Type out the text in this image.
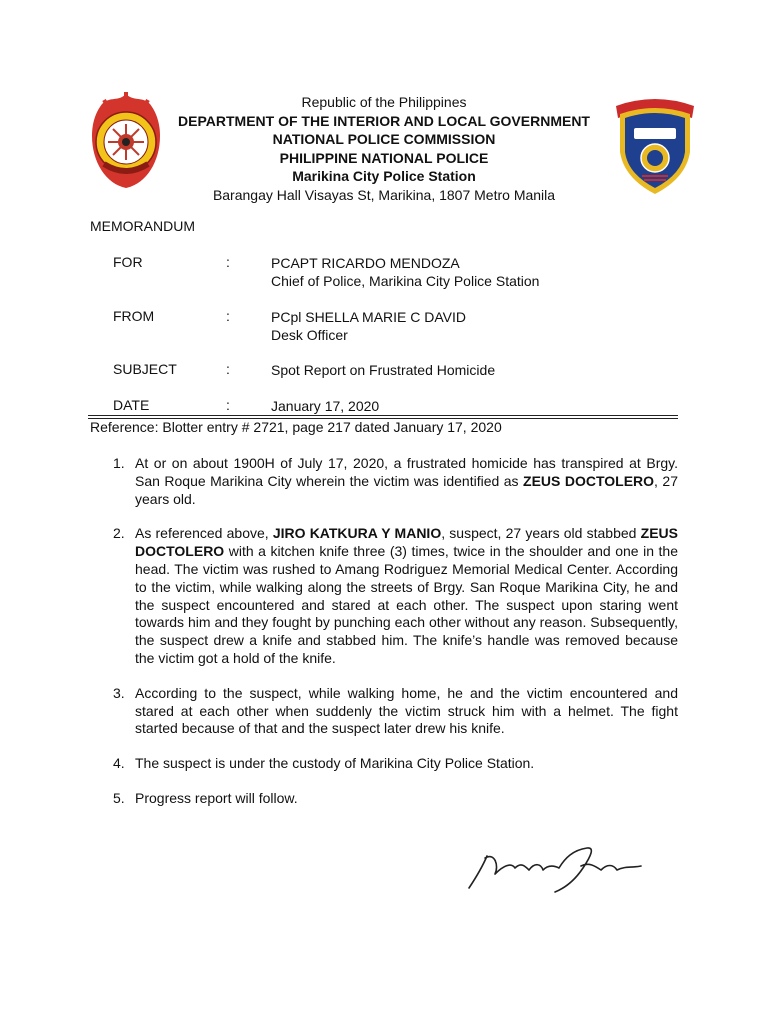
Republic of the Philippines
DEPARTMENT OF THE INTERIOR AND LOCAL GOVERNMENT
NATIONAL POLICE COMMISSION
PHILIPPINE NATIONAL POLICE
Marikina City Police Station
Barangay Hall Visayas St, Marikina, 1807 Metro Manila
MEMORANDUM
FOR	:	PCAPT RICARDO MENDOZA
Chief of Police, Marikina City Police Station
FROM	:	PCpl SHELLA MARIE C DAVID
Desk Officer
SUBJECT	:	Spot Report on Frustrated Homicide
DATE	:	January 17, 2020
Reference: Blotter entry # 2721, page 217 dated January 17, 2020
1. At or on about 1900H of July 17, 2020, a frustrated homicide has transpired at Brgy. San Roque Marikina City wherein the victim was identified as ZEUS DOCTOLERO, 27 years old.
2. As referenced above, JIRO KATKURA Y MANIO, suspect, 27 years old stabbed ZEUS DOCTOLERO with a kitchen knife three (3) times, twice in the shoulder and one in the head. The victim was rushed to Amang Rodriguez Memorial Medical Center. According to the victim, while walking along the streets of Brgy. San Roque Marikina City, he and the suspect encountered and stared at each other. The suspect upon staring went towards him and they fought by punching each other without any reason. Subsequently, the suspect drew a knife and stabbed him. The knife’s handle was removed because the victim got a hold of the knife.
3. According to the suspect, while walking home, he and the victim encountered and stared at each other when suddenly the victim struck him with a helmet. The fight started because of that and the suspect later drew his knife.
4. The suspect is under the custody of Marikina City Police Station.
5. Progress report will follow.
